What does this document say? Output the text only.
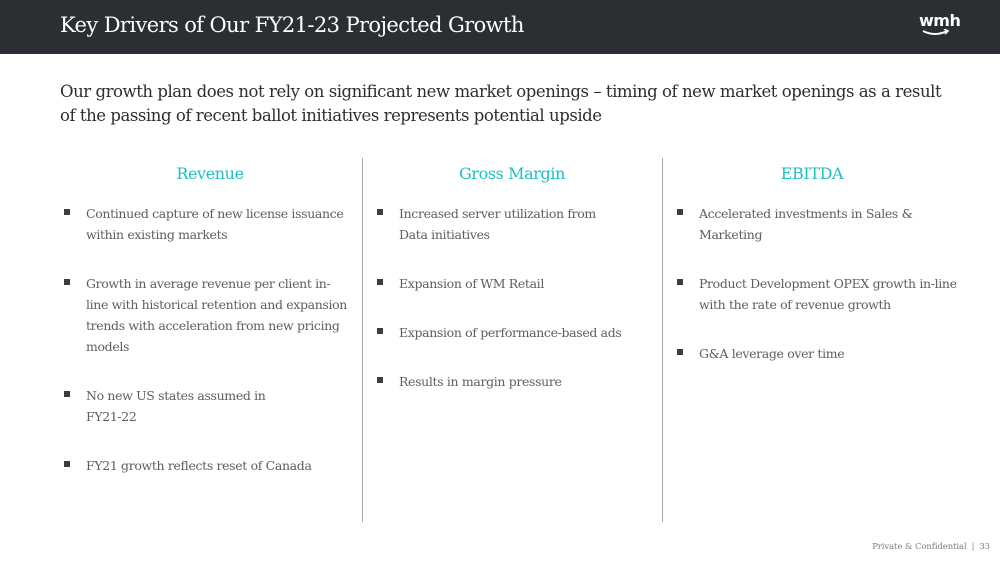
Key Drivers of Our FY21-23 Projected Growth	wmh
Our growth plan does not rely on significant new market openings – timing of new market openings as a result of the passing of recent ballot initiatives represents potential upside
Revenue
Continued capture of new license issuance within existing markets
Growth in average revenue per client in-line with historical retention and expansion trends with acceleration from new pricing models
No new US states assumed in FY21-22
FY21 growth reflects reset of Canada
Gross Margin
Increased server utilization from Data initiatives
Expansion of WM Retail
Expansion of performance-based ads
Results in margin pressure
EBITDA
Accelerated investments in Sales & Marketing
Product Development OPEX growth in-line with the rate of revenue growth
G&A leverage over time
Private & Confidential | 33
